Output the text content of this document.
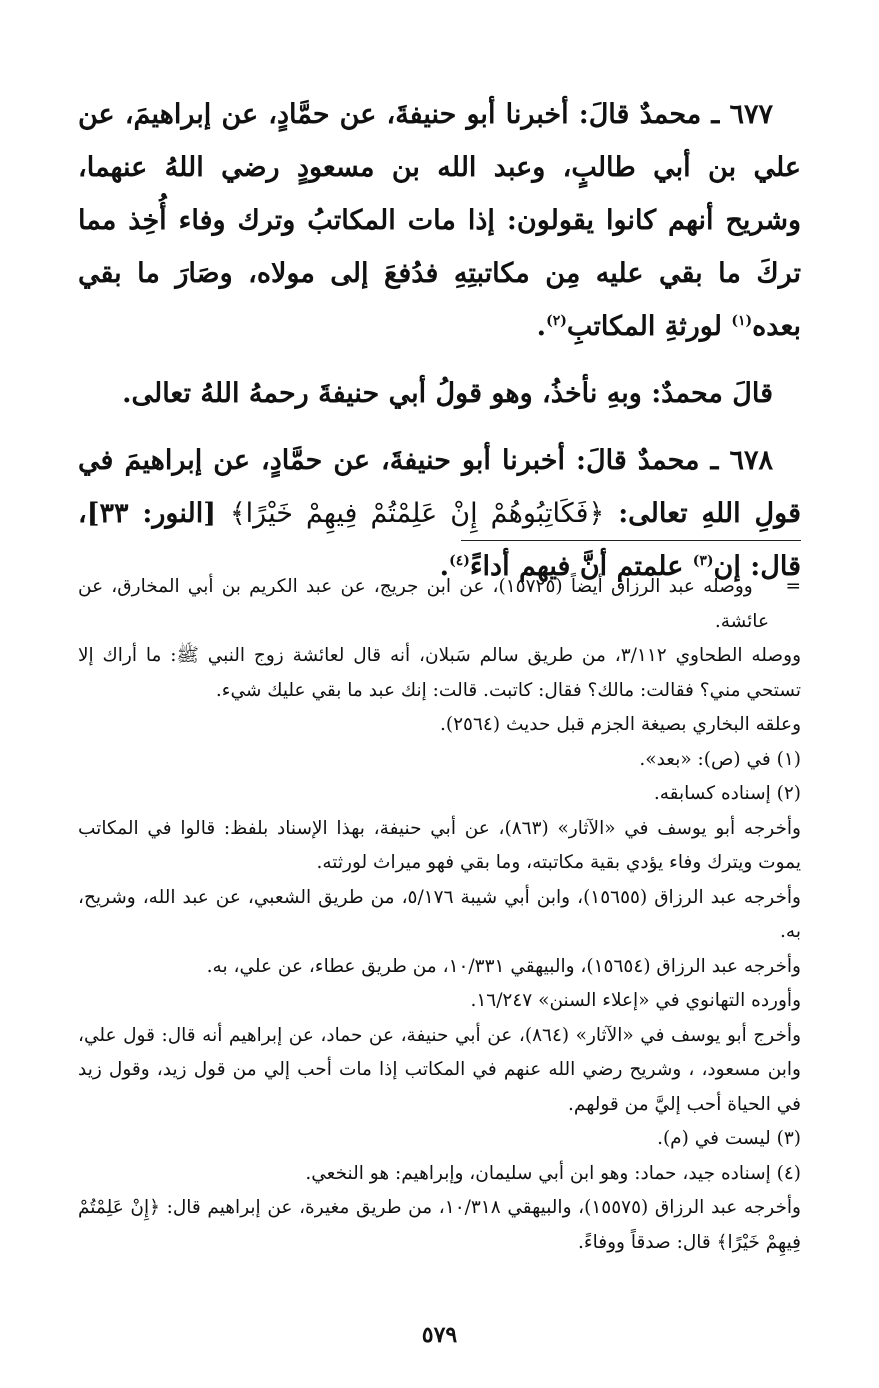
٦٧٧ ـ محمدٌ قالَ: أخبرنا أبو حنيفةَ، عن حمَّادٍ، عن إبراهيمَ، عن علي بن أبي طالبٍ، وعبد الله بن مسعودٍ رضي اللهُ عنهما، وشريح أنهم كانوا يقولون: إذا مات المكاتبُ وترك وفاء أُخِذ مما تركَ ما بقي عليه مِن مكاتبتِهِ فدُفعَ إلى مولاه، وصَارَ ما بقي بعده$^{(١)}$ لورثةِ المكاتبِ$^{(٢)}$.

قالَ محمدٌ: وبهِ نأخذُ، وهو قولُ أبي حنيفةَ رحمهُ اللهُ تعالى.

٦٧٨ ـ محمدٌ قالَ: أخبرنا أبو حنيفةَ، عن حمَّادٍ، عن إبراهيمَ في قولِ اللهِ تعالى: ﴿فَكَاتِبُوهُمْ إِنْ عَلِمْتُمْ فِيهِمْ خَيْرًا﴾ [النور: ٣٣]، قال: إن$^{(٣)}$ علمتم أنَّ فيهم أداءً$^{(٤)}$.

=    ووصله عبد الرزاق أيضاً (١٥٧٢٥)، عن ابن جريج، عن عبد الكريم بن أبي المخارق، عن عائشة.

ووصله الطحاوي ٣/١١٢، من طريق سالم سَبلان، أنه قال لعائشة زوج النبي ﷺ: ما أراك إلا تستحي مني؟ فقالت: مالك؟ فقال: كاتبت. قالت: إنك عبد ما بقي عليك شيء.

وعلقه البخاري بصيغة الجزم قبل حديث (٢٥٦٤).

(١) في (ص): «بعد».

(٢) إسناده كسابقه.

وأخرجه أبو يوسف في «الآثار» (٨٦٣)، عن أبي حنيفة، بهذا الإسناد بلفظ: قالوا في المكاتب يموت ويترك وفاء يؤدي بقية مكاتبته، وما بقي فهو ميراث لورثته.

وأخرجه عبد الرزاق (١٥٦٥٥)، وابن أبي شيبة ٥/١٧٦، من طريق الشعبي، عن عبد الله، وشريح، به.

وأخرجه عبد الرزاق (١٥٦٥٤)، والبيهقي ١٠/٣٣١، من طريق عطاء، عن علي، به.

وأورده التهانوي في «إعلاء السنن» ١٦/٢٤٧.

وأخرج أبو يوسف في «الآثار» (٨٦٤)، عن أبي حنيفة، عن حماد، عن إبراهيم أنه قال: قول علي، وابن مسعود، ، وشريح رضي الله عنهم في المكاتب إذا مات أحب إلي من قول زيد، وقول زيد في الحياة أحب إليَّ من قولهم.

(٣) ليست في (م).

(٤) إسناده جيد، حماد: وهو ابن أبي سليمان، وإبراهيم: هو النخعي.

وأخرجه عبد الرزاق (١٥٥٧٥)، والبيهقي ١٠/٣١٨، من طريق مغيرة، عن إبراهيم قال: ﴿إِنْ عَلِمْتُمْ فِيهِمْ خَيْرًا﴾ قال: صدقاً ووفاءً.

٥٧٩
